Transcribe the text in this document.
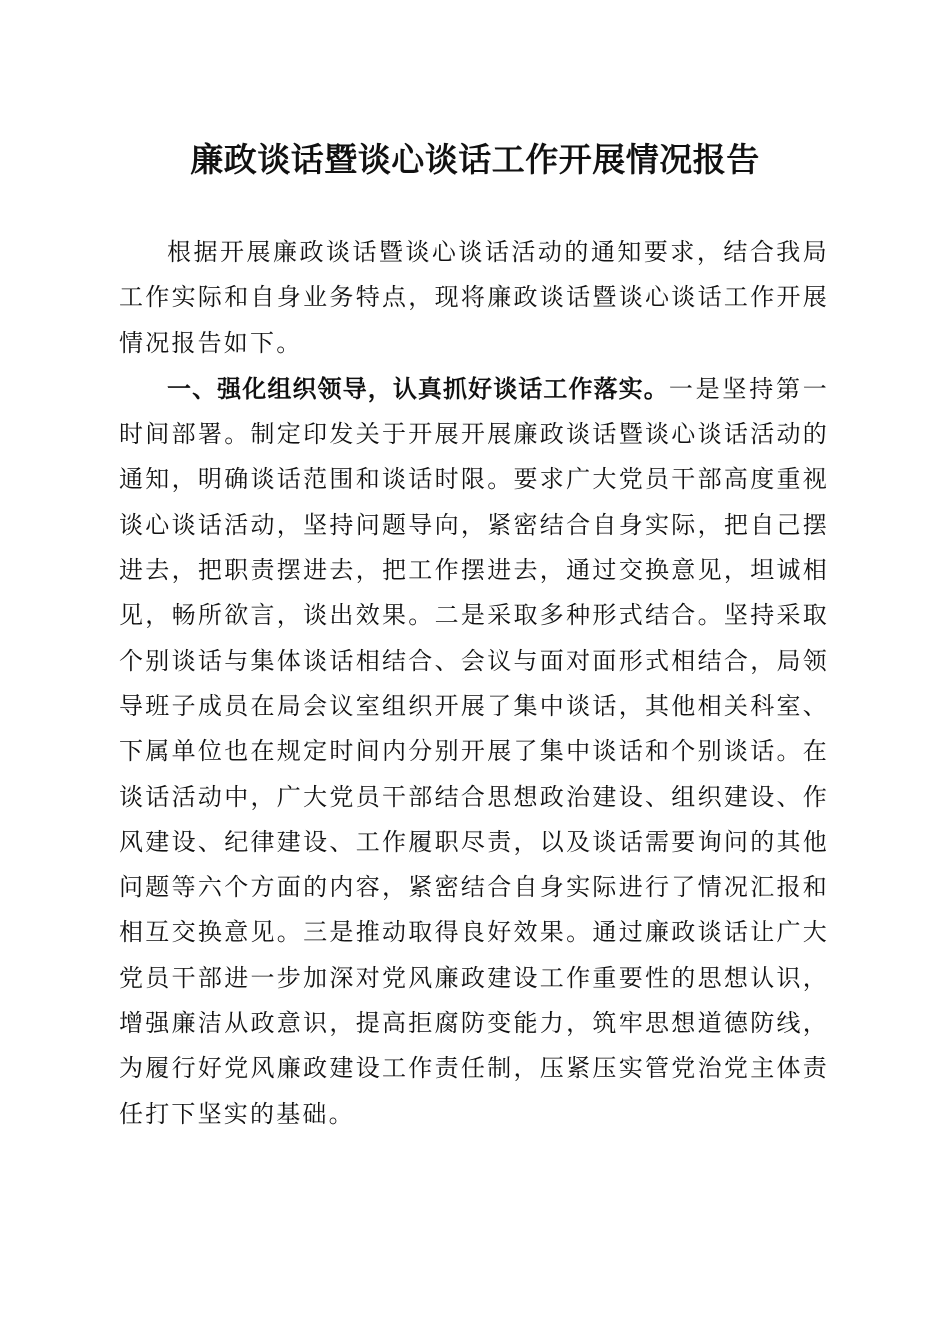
廉政谈话暨谈心谈话工作开展情况报告

根据开展廉政谈话暨谈心谈话活动的通知要求，结合我局工作实际和自身业务特点，现将廉政谈话暨谈心谈话工作开展情况报告如下。

一、强化组织领导，认真抓好谈话工作落实。一是坚持第一时间部署。制定印发关于开展开展廉政谈话暨谈心谈话活动的通知，明确谈话范围和谈话时限。要求广大党员干部高度重视谈心谈话活动，坚持问题导向，紧密结合自身实际，把自己摆进去，把职责摆进去，把工作摆进去，通过交换意见，坦诚相见，畅所欲言，谈出效果。二是采取多种形式结合。坚持采取个别谈话与集体谈话相结合、会议与面对面形式相结合，局领导班子成员在局会议室组织开展了集中谈话，其他相关科室、下属单位也在规定时间内分别开展了集中谈话和个别谈话。在谈话活动中，广大党员干部结合思想政治建设、组织建设、作风建设、纪律建设、工作履职尽责，以及谈话需要询问的其他问题等六个方面的内容，紧密结合自身实际进行了情况汇报和相互交换意见。三是推动取得良好效果。通过廉政谈话让广大党员干部进一步加深对党风廉政建设工作重要性的思想认识，增强廉洁从政意识，提高拒腐防变能力，筑牢思想道德防线，为履行好党风廉政建设工作责任制，压紧压实管党治党主体责任打下坚实的基础。
